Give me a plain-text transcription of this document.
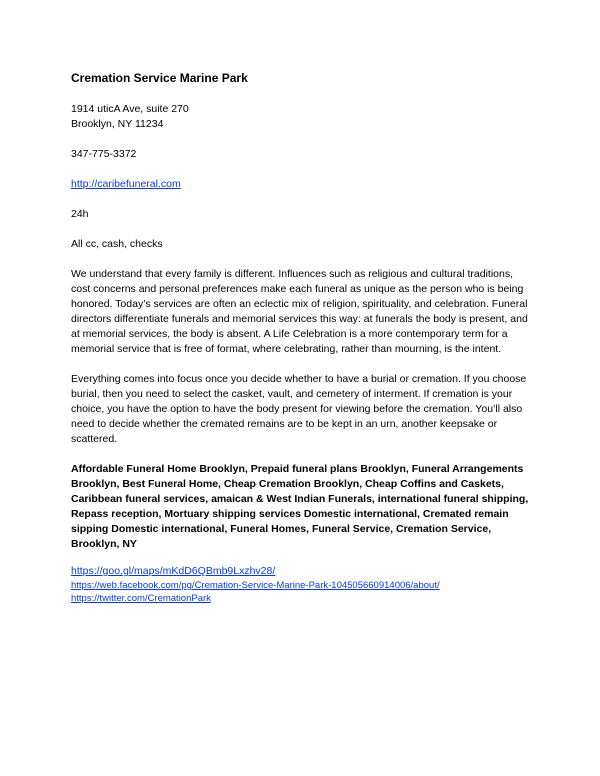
Cremation Service Marine Park
1914 uticA Ave, suite 270
Brooklyn, NY 11234
347-775-3372
http://caribefuneral.com
24h
All cc, cash, checks
We understand that every family is different. Influences such as religious and cultural traditions, cost concerns and personal preferences make each funeral as unique as the person who is being honored. Today’s services are often an eclectic mix of religion, spirituality, and celebration. Funeral directors differentiate funerals and memorial services this way: at funerals the body is present, and at memorial services, the body is absent. A Life Celebration is a more contemporary term for a memorial service that is free of format, where celebrating, rather than mourning, is the intent.
Everything comes into focus once you decide whether to have a burial or cremation. If you choose burial, then you need to select the casket, vault, and cemetery of interment. If cremation is your choice, you have the option to have the body present for viewing before the cremation. You’ll also need to decide whether the cremated remains are to be kept in an urn, another keepsake or scattered.
Affordable Funeral Home Brooklyn, Prepaid funeral plans Brooklyn, Funeral Arrangements Brooklyn, Best Funeral Home, Cheap Cremation Brooklyn, Cheap Coffins and Caskets, Caribbean funeral services, amaican & West Indian Funerals, international funeral shipping, Repass reception, Mortuary shipping services Domestic international, Cremated remain sipping Domestic international, Funeral Homes, Funeral Service, Cremation Service, Brooklyn, NY
https://goo.gl/maps/mKdD6QBmb9Lxzhv28/
https://web.facebook.com/pg/Cremation-Service-Marine-Park-104505660914006/about/
https://twitter.com/CremationPark
